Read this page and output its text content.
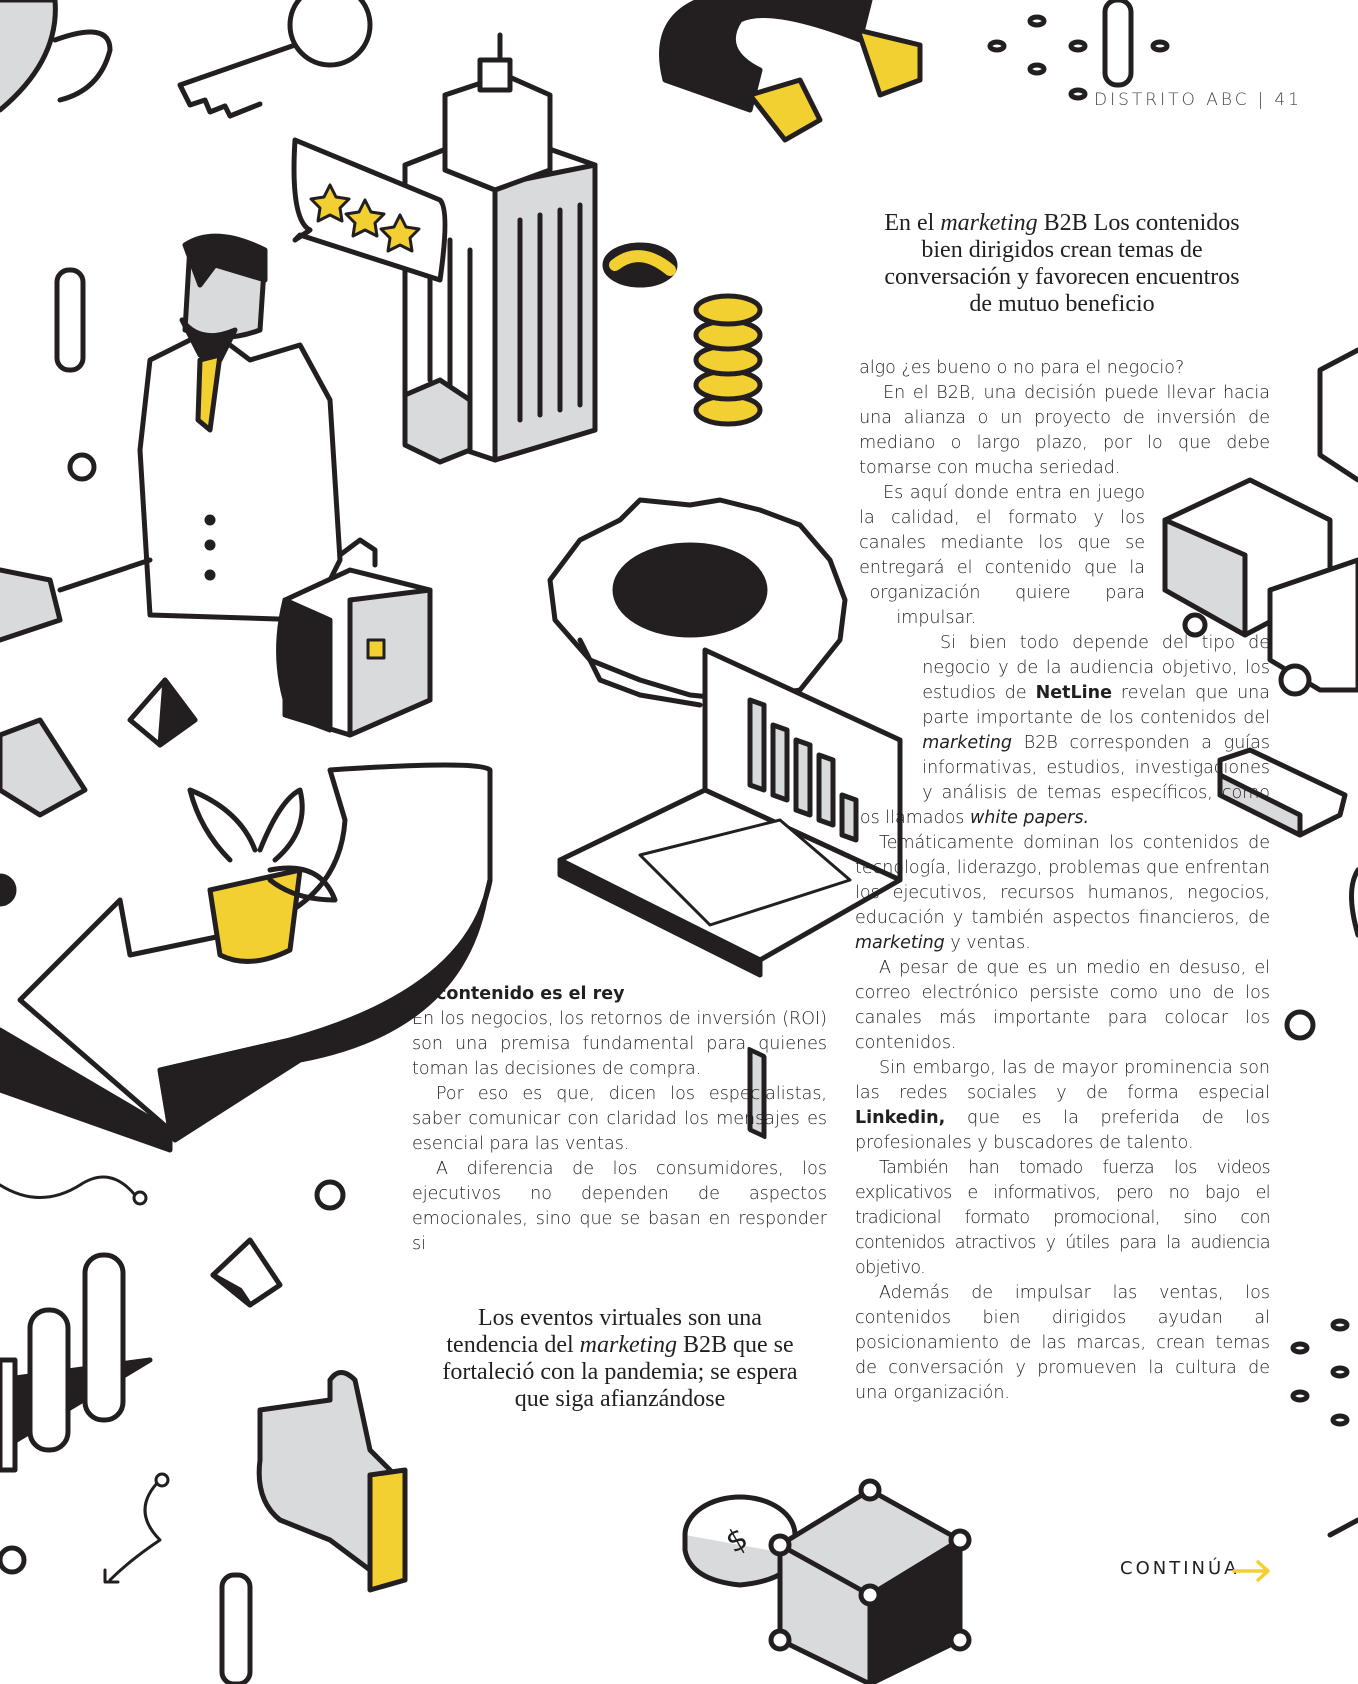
$
DISTRITO ABC | 41
En el marketing B2B Los contenidos bien dirigidos crean temas de conversación y favorecen encuentros de mutuo beneficio

algo ¿es bueno o no para el negocio?

En el B2B, una decisión puede llevar hacia una alianza o un proyecto de inversión de mediano o largo plazo, por lo que debe tomarse con mucha seriedad.

Es aquí donde entra en juego la calidad, el formato y los canales mediante los que se entregará el contenido que la organización quiere para impulsar.

Si bien todo depende del tipo de negocio y de la audiencia objetivo, los estudios de NetLine revelan que una parte importante de los contenidos del marketing B2B corresponden a guías informativas, estudios, investigaciones y análisis de temas específicos, como los llamados white papers.

Temáticamente dominan los contenidos de tecnología, liderazgo, problemas que enfrentan los ejecutivos, recursos humanos, negocios, educación y también aspectos financieros, de marketing y ventas.

A pesar de que es un medio en desuso, el correo electrónico persiste como uno de los canales más importante para colocar los contenidos.

Sin embargo, las de mayor prominencia son las redes sociales y de forma especial Linkedin, que es la preferida de los profesionales y buscadores de talento.

También han tomado fuerza los videos explicativos e informativos, pero no bajo el tradicional formato promocional, sino con contenidos atractivos y útiles para la audiencia objetivo.

Además de impulsar las ventas, los contenidos bien dirigidos ayudan al posicionamiento de las marcas, crean temas de conversación y promueven la cultura de una organización.

El contenido es el rey

En los negocios, los retornos de inversión (ROI) son una premisa fundamental para quienes toman las decisiones de compra.

Por eso es que, dicen los especialistas, saber comunicar con claridad los mensajes es esencial para las ventas.

A diferencia de los consumidores, los ejecutivos no dependen de aspectos emocionales, sino que se basan en responder si

Los eventos virtuales son una tendencia del marketing B2B que se fortaleció con la pandemia; se espera que siga afianzándose
CONTINÚA
